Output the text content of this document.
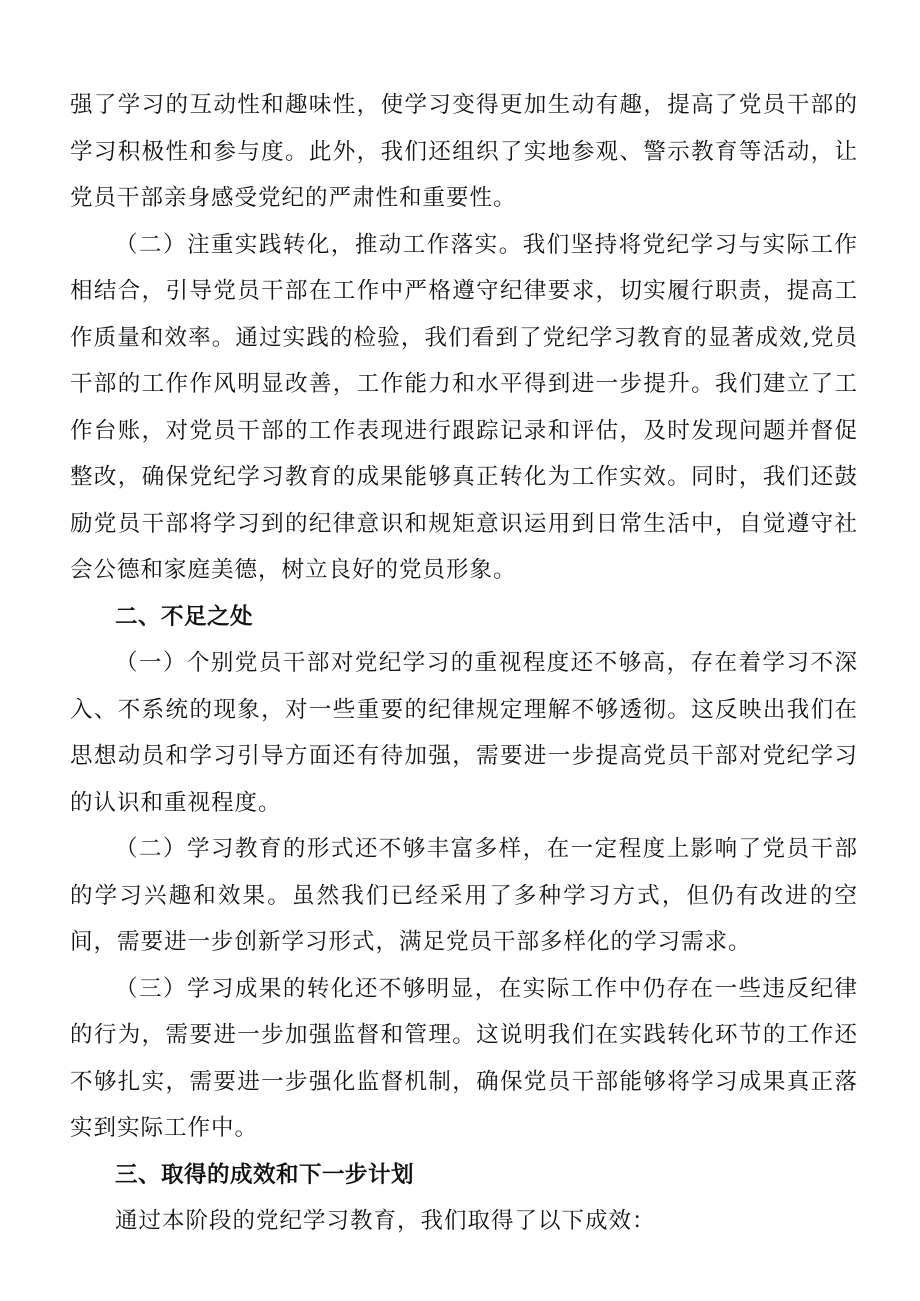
强了学习的互动性和趣味性，使学习变得更加生动有趣，提高了党员干部的学习积极性和参与度。此外，我们还组织了实地参观、警示教育等活动，让党员干部亲身感受党纪的严肃性和重要性。

（二）注重实践转化，推动工作落实。我们坚持将党纪学习与实际工作相结合，引导党员干部在工作中严格遵守纪律要求，切实履行职责，提高工作质量和效率。通过实践的检验，我们看到了党纪学习教育的显著成效,党员干部的工作作风明显改善，工作能力和水平得到进一步提升。我们建立了工作台账，对党员干部的工作表现进行跟踪记录和评估，及时发现问题并督促整改，确保党纪学习教育的成果能够真正转化为工作实效。同时，我们还鼓励党员干部将学习到的纪律意识和规矩意识运用到日常生活中，自觉遵守社会公德和家庭美德，树立良好的党员形象。

二、不足之处

（一）个别党员干部对党纪学习的重视程度还不够高，存在着学习不深入、不系统的现象，对一些重要的纪律规定理解不够透彻。这反映出我们在思想动员和学习引导方面还有待加强，需要进一步提高党员干部对党纪学习的认识和重视程度。

（二）学习教育的形式还不够丰富多样，在一定程度上影响了党员干部的学习兴趣和效果。虽然我们已经采用了多种学习方式，但仍有改进的空间，需要进一步创新学习形式，满足党员干部多样化的学习需求。

（三）学习成果的转化还不够明显，在实际工作中仍存在一些违反纪律的行为，需要进一步加强监督和管理。这说明我们在实践转化环节的工作还不够扎实，需要进一步强化监督机制，确保党员干部能够将学习成果真正落实到实际工作中。

三、取得的成效和下一步计划

通过本阶段的党纪学习教育，我们取得了以下成效：
